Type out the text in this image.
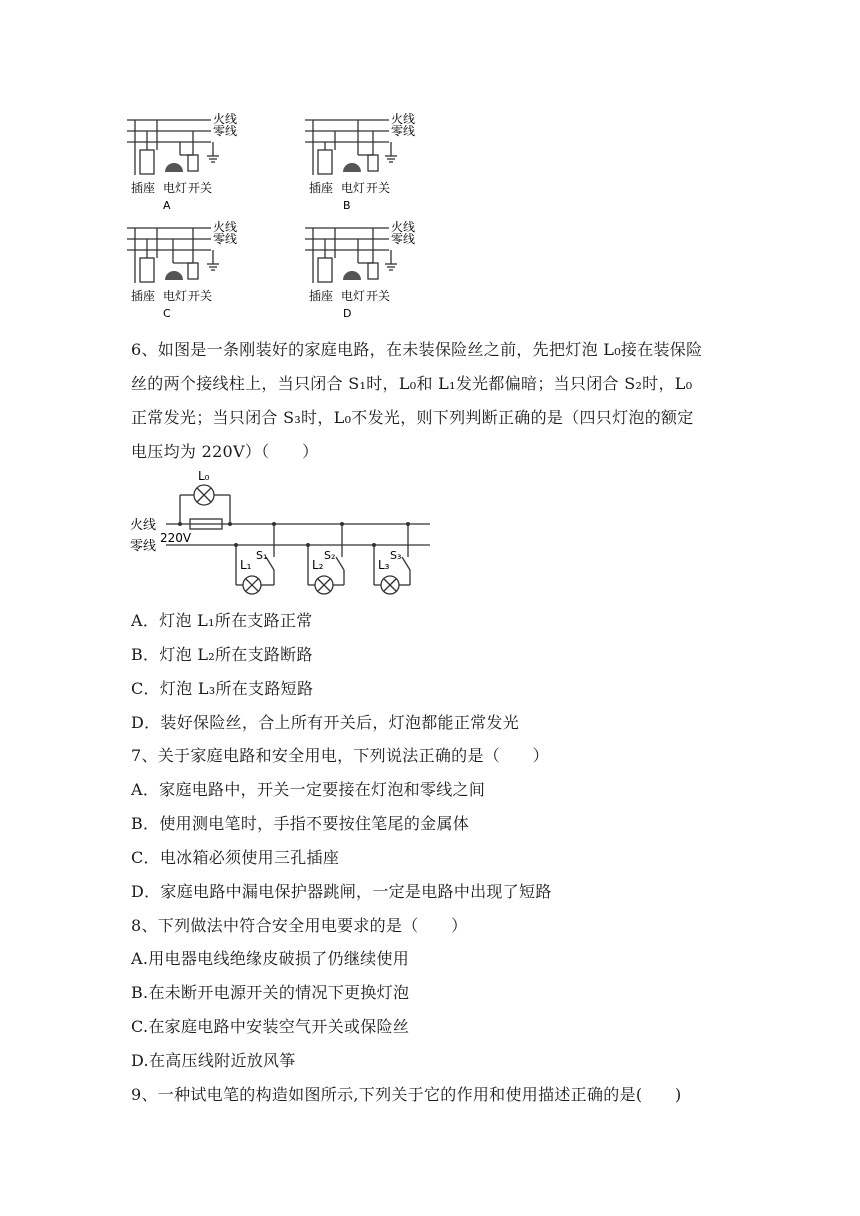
火线
零线
插座 电灯 开关
A
火线
零线
插座 电灯 开关
B
火线
零线
插座 电灯 开关
C
火线
零线
插座 电灯 开关
D
6、如图是一条刚装好的家庭电路，在未装保险丝之前，先把灯泡 L₀接在装保险
丝的两个接线柱上，当只闭合 S₁时，L₀和 L₁发光都偏暗；当只闭合 S₂时，L₀
正常发光；当只闭合 S₃时，L₀不发光，则下列判断正确的是（四只灯泡的额定
电压均为 220V）（　　）
火线
零线
220V
L₀
L₁	L₂	L₃
S₁	S₂	S₃
A．灯泡 L₁所在支路正常
B．灯泡 L₂所在支路断路
C．灯泡 L₃所在支路短路
D．装好保险丝，合上所有开关后，灯泡都能正常发光
7、关于家庭电路和安全用电，下列说法正确的是（　　）
A．家庭电路中，开关一定要接在灯泡和零线之间
B．使用测电笔时，手指不要按住笔尾的金属体
C．电冰箱必须使用三孔插座
D．家庭电路中漏电保护器跳闸，一定是电路中出现了短路
8、下列做法中符合安全用电要求的是（　　）
A.用电器电线绝缘皮破损了仍继续使用
B.在未断开电源开关的情况下更换灯泡
C.在家庭电路中安装空气开关或保险丝
D.在高压线附近放风筝
9、一种试电笔的构造如图所示,下列关于它的作用和使用描述正确的是(　　)
